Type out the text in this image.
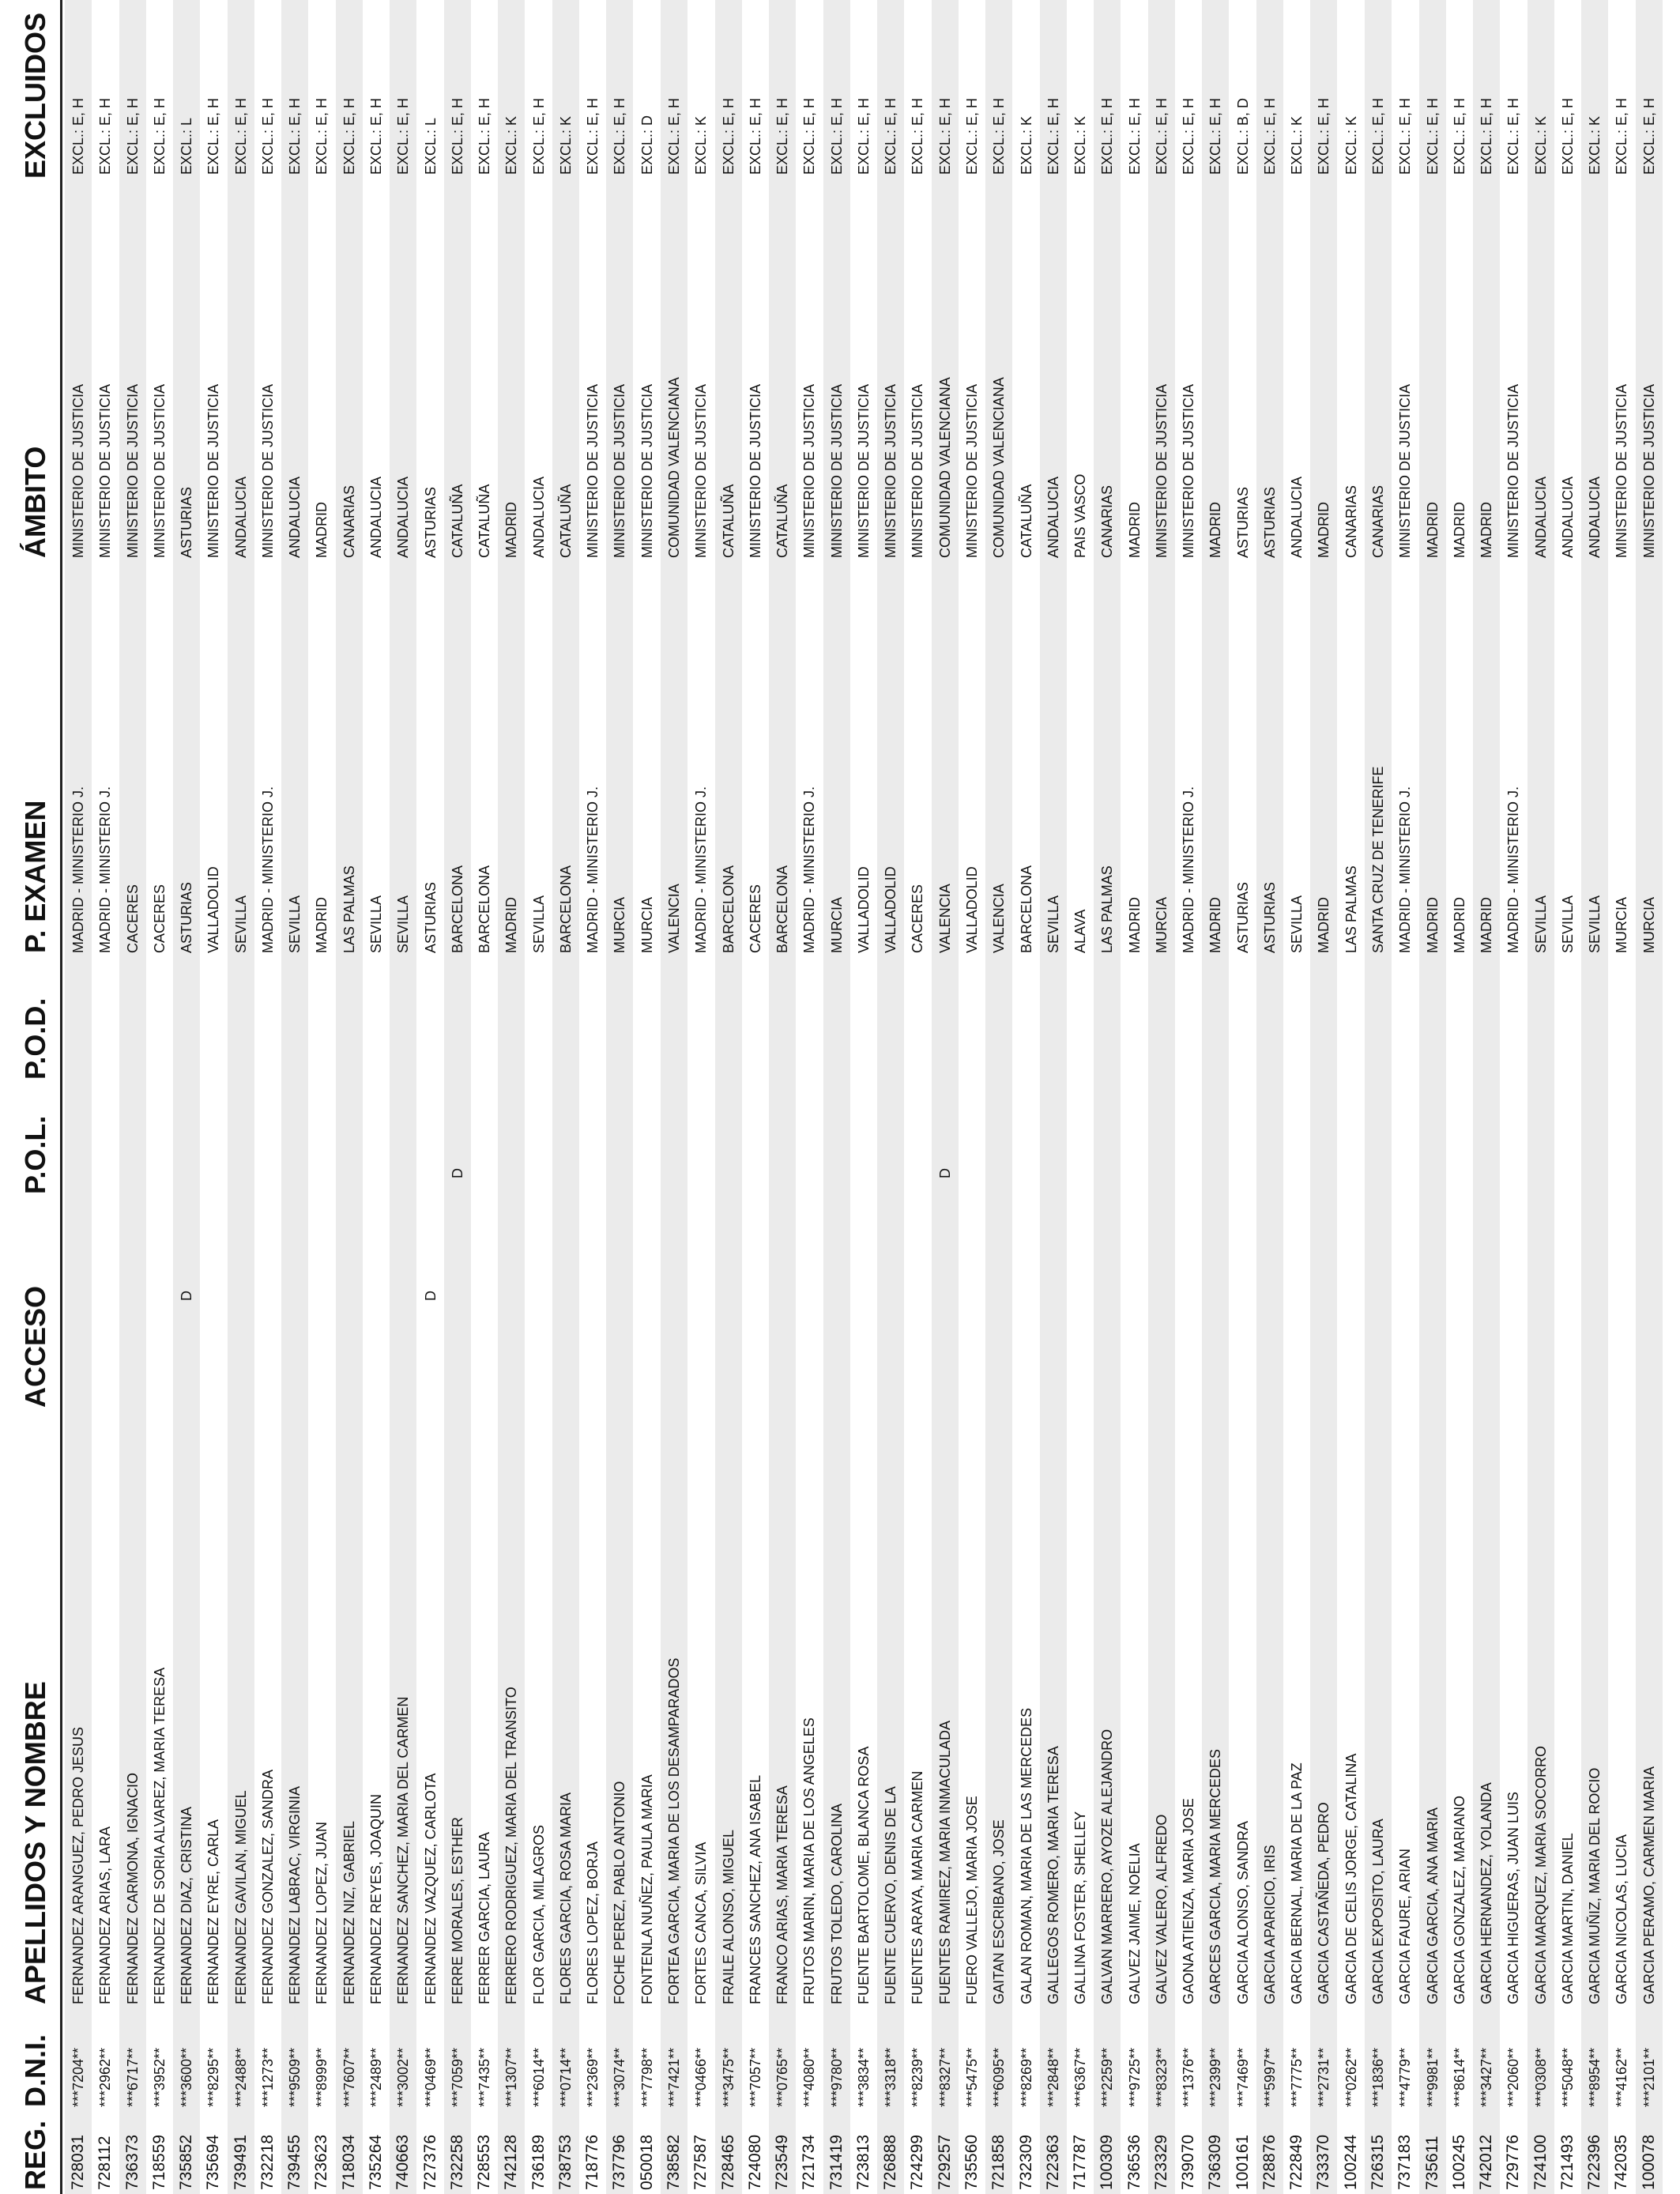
REG.
D.N.I.
APELLIDOS Y NOMBRE
ACCESO
P.O.L.
P.O.D.
P. EXAMEN
ÁMBITO
EXCLUIDOS
728031
***7204**
FERNANDEZ ARANGUEZ, PEDRO JESUS
MADRID - MINISTERIO J.
MINISTERIO DE JUSTICIA
EXCL.: E, H
728112
***2962**
FERNANDEZ ARIAS, LARA
MADRID - MINISTERIO J.
MINISTERIO DE JUSTICIA
EXCL.: E, H
736373
***6717**
FERNANDEZ CARMONA, IGNACIO
CACERES
MINISTERIO DE JUSTICIA
EXCL.: E, H
718559
***3952**
FERNANDEZ DE SORIA ALVAREZ, MARIA TERESA
CACERES
MINISTERIO DE JUSTICIA
EXCL.: E, H
735852
***3600**
FERNANDEZ DIAZ, CRISTINA
D
ASTURIAS
ASTURIAS
EXCL.: L
735694
***8295**
FERNANDEZ EYRE, CARLA
VALLADOLID
MINISTERIO DE JUSTICIA
EXCL.: E, H
739491
***2488**
FERNANDEZ GAVILAN, MIGUEL
SEVILLA
ANDALUCIA
EXCL.: E, H
732218
***1273**
FERNANDEZ GONZALEZ, SANDRA
MADRID - MINISTERIO J.
MINISTERIO DE JUSTICIA
EXCL.: E, H
739455
***9509**
FERNANDEZ LABRAC, VIRGINIA
SEVILLA
ANDALUCIA
EXCL.: E, H
723623
***8999**
FERNANDEZ LOPEZ, JUAN
MADRID
MADRID
EXCL.: E, H
718034
***7607**
FERNANDEZ NIZ, GABRIEL
LAS PALMAS
CANARIAS
EXCL.: E, H
735264
***2489**
FERNANDEZ REYES, JOAQUIN
SEVILLA
ANDALUCIA
EXCL.: E, H
740663
***3002**
FERNANDEZ SANCHEZ, MARIA DEL CARMEN
SEVILLA
ANDALUCIA
EXCL.: E, H
727376
***0469**
FERNANDEZ VAZQUEZ, CARLOTA
D
ASTURIAS
ASTURIAS
EXCL.: L
732258
***7059**
FERRE MORALES, ESTHER
D
BARCELONA
CATALUÑA
EXCL.: E, H
728553
***7435**
FERRER GARCIA, LAURA
BARCELONA
CATALUÑA
EXCL.: E, H
742128
***1307**
FERRERO RODRIGUEZ, MARIA DEL TRANSITO
MADRID
MADRID
EXCL.: K
736189
***6014**
FLOR GARCIA, MILAGROS
SEVILLA
ANDALUCIA
EXCL.: E, H
738753
***0714**
FLORES GARCIA, ROSA MARIA
BARCELONA
CATALUÑA
EXCL.: K
718776
***2369**
FLORES LOPEZ, BORJA
MADRID - MINISTERIO J.
MINISTERIO DE JUSTICIA
EXCL.: E, H
737796
***3074**
FOCHE PEREZ, PABLO ANTONIO
MURCIA
MINISTERIO DE JUSTICIA
EXCL.: E, H
050018
***7798**
FONTENLA NUÑEZ, PAULA MARIA
MURCIA
MINISTERIO DE JUSTICIA
EXCL.: D
738582
***7421**
FORTEA GARCIA, MARIA DE LOS DESAMPARADOS
VALENCIA
COMUNIDAD VALENCIANA
EXCL.: E, H
727587
***0466**
FORTES CANCA, SILVIA
MADRID - MINISTERIO J.
MINISTERIO DE JUSTICIA
EXCL.: K
728465
***3475**
FRAILE ALONSO, MIGUEL
BARCELONA
CATALUÑA
EXCL.: E, H
724080
***7057**
FRANCES SANCHEZ, ANA ISABEL
CACERES
MINISTERIO DE JUSTICIA
EXCL.: E, H
723549
***0765**
FRANCO ARIAS, MARIA TERESA
BARCELONA
CATALUÑA
EXCL.: E, H
721734
***4080**
FRUTOS MARIN, MARIA DE LOS ANGELES
MADRID - MINISTERIO J.
MINISTERIO DE JUSTICIA
EXCL.: E, H
731419
***9780**
FRUTOS TOLEDO, CAROLINA
MURCIA
MINISTERIO DE JUSTICIA
EXCL.: E, H
723813
***3834**
FUENTE BARTOLOME, BLANCA ROSA
VALLADOLID
MINISTERIO DE JUSTICIA
EXCL.: E, H
726888
***3318**
FUENTE CUERVO, DENIS DE LA
VALLADOLID
MINISTERIO DE JUSTICIA
EXCL.: E, H
724299
***8239**
FUENTES ARAYA, MARIA CARMEN
CACERES
MINISTERIO DE JUSTICIA
EXCL.: E, H
729257
***8327**
FUENTES RAMIREZ, MARIA INMACULADA
D
VALENCIA
COMUNIDAD VALENCIANA
EXCL.: E, H
735560
***5475**
FUERO VALLEJO, MARIA JOSE
VALLADOLID
MINISTERIO DE JUSTICIA
EXCL.: E, H
721858
***6095**
GAITAN ESCRIBANO, JOSE
VALENCIA
COMUNIDAD VALENCIANA
EXCL.: E, H
732309
***8269**
GALAN ROMAN, MARIA DE LAS MERCEDES
BARCELONA
CATALUÑA
EXCL.: K
722363
***2848**
GALLEGOS ROMERO, MARIA TERESA
SEVILLA
ANDALUCIA
EXCL.: E, H
717787
***6367**
GALLINA FOSTER, SHELLEY
ALAVA
PAIS VASCO
EXCL.: K
100309
***2259**
GALVAN MARRERO, AYOZE ALEJANDRO
LAS PALMAS
CANARIAS
EXCL.: E, H
736536
***9725**
GALVEZ JAIME, NOELIA
MADRID
MADRID
EXCL.: E, H
723329
***8323**
GALVEZ VALERO, ALFREDO
MURCIA
MINISTERIO DE JUSTICIA
EXCL.: E, H
739070
***1376**
GAONA ATIENZA, MARIA JOSE
MADRID - MINISTERIO J.
MINISTERIO DE JUSTICIA
EXCL.: E, H
736309
***2399**
GARCES GARCIA, MARIA MERCEDES
MADRID
MADRID
EXCL.: E, H
100161
***7469**
GARCIA ALONSO, SANDRA
ASTURIAS
ASTURIAS
EXCL.: B, D
728876
***5997**
GARCIA APARICIO, IRIS
ASTURIAS
ASTURIAS
EXCL.: E, H
722849
***7775**
GARCIA BERNAL, MARIA DE LA PAZ
SEVILLA
ANDALUCIA
EXCL.: K
733370
***2731**
GARCIA CASTAÑEDA, PEDRO
MADRID
MADRID
EXCL.: E, H
100244
***0262**
GARCIA DE CELIS JORGE, CATALINA
LAS PALMAS
CANARIAS
EXCL.: K
726315
***1836**
GARCIA EXPOSITO, LAURA
SANTA CRUZ DE TENERIFE
CANARIAS
EXCL.: E, H
737183
***4779**
GARCIA FAURE, ARIAN
MADRID - MINISTERIO J.
MINISTERIO DE JUSTICIA
EXCL.: E, H
735611
***9981**
GARCIA GARCIA, ANA MARIA
MADRID
MADRID
EXCL.: E, H
100245
***8614**
GARCIA GONZALEZ, MARIANO
MADRID
MADRID
EXCL.: E, H
742012
***3427**
GARCIA HERNANDEZ, YOLANDA
MADRID
MADRID
EXCL.: E, H
729776
***2060**
GARCIA HIGUERAS, JUAN LUIS
MADRID - MINISTERIO J.
MINISTERIO DE JUSTICIA
EXCL.: E, H
724100
***0308**
GARCIA MARQUEZ, MARIA SOCORRO
SEVILLA
ANDALUCIA
EXCL.: K
721493
***5048**
GARCIA MARTIN, DANIEL
SEVILLA
ANDALUCIA
EXCL.: E, H
722396
***8954**
GARCIA MUÑIZ, MARIA DEL ROCIO
SEVILLA
ANDALUCIA
EXCL.: K
742035
***4162**
GARCIA NICOLAS, LUCIA
MURCIA
MINISTERIO DE JUSTICIA
EXCL.: E, H
100078
***2101**
GARCIA PERAMO, CARMEN MARIA
MURCIA
MINISTERIO DE JUSTICIA
EXCL.: E, H
